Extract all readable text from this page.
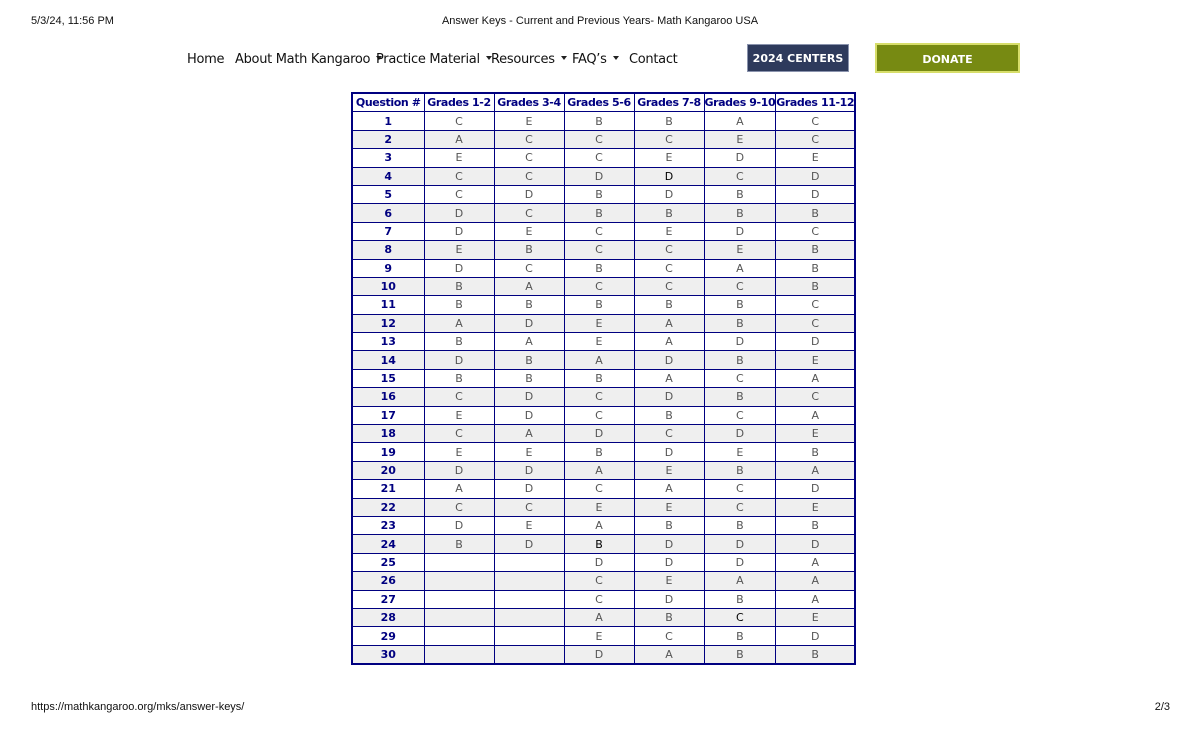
5/3/24, 11:56 PM	Answer Keys - Current and Previous Years- Math Kangaroo USA
Home About Math Kangaroo Practice Material Resources	FAQ’s	Contact	2024 CENTERS	DONATE
Question #	Grades 1-2	Grades 3-4	Grades 5-6	Grades 7-8	Grades 9-10	Grades 11-12
1	C	E	B	B	A	C
2	A	C	C	C	E	C
3	E	C	C	E	D	E
4	C	C	D	D	C	D
5	C	D	B	D	B	D
6	D	C	B	B	B	B
7	D	E	C	E	D	C
8	E	B	C	C	E	B
9	D	C	B	C	A	B
10	B	A	C	C	C	B
11	B	B	B	B	B	C
12	A	D	E	A	B	C
13	B	A	E	A	D	D
14	D	B	A	D	B	E
15	B	B	B	A	C	A
16	C	D	C	D	B	C
17	E	D	C	B	C	A
18	C	A	D	C	D	E
19	E	E	B	D	E	B
20	D	D	A	E	B	A
21	A	D	C	A	C	D
22	C	C	E	E	C	E
23	D	E	A	B	B	B
24	B	D	B	D	D	D
25			D	D	D	A
26			C	E	A	A
27			C	D	B	A
28			A	B	C	E
29			E	C	B	D
30			D	A	B	B
https://mathkangaroo.org/mks/answer-keys/	2/3
